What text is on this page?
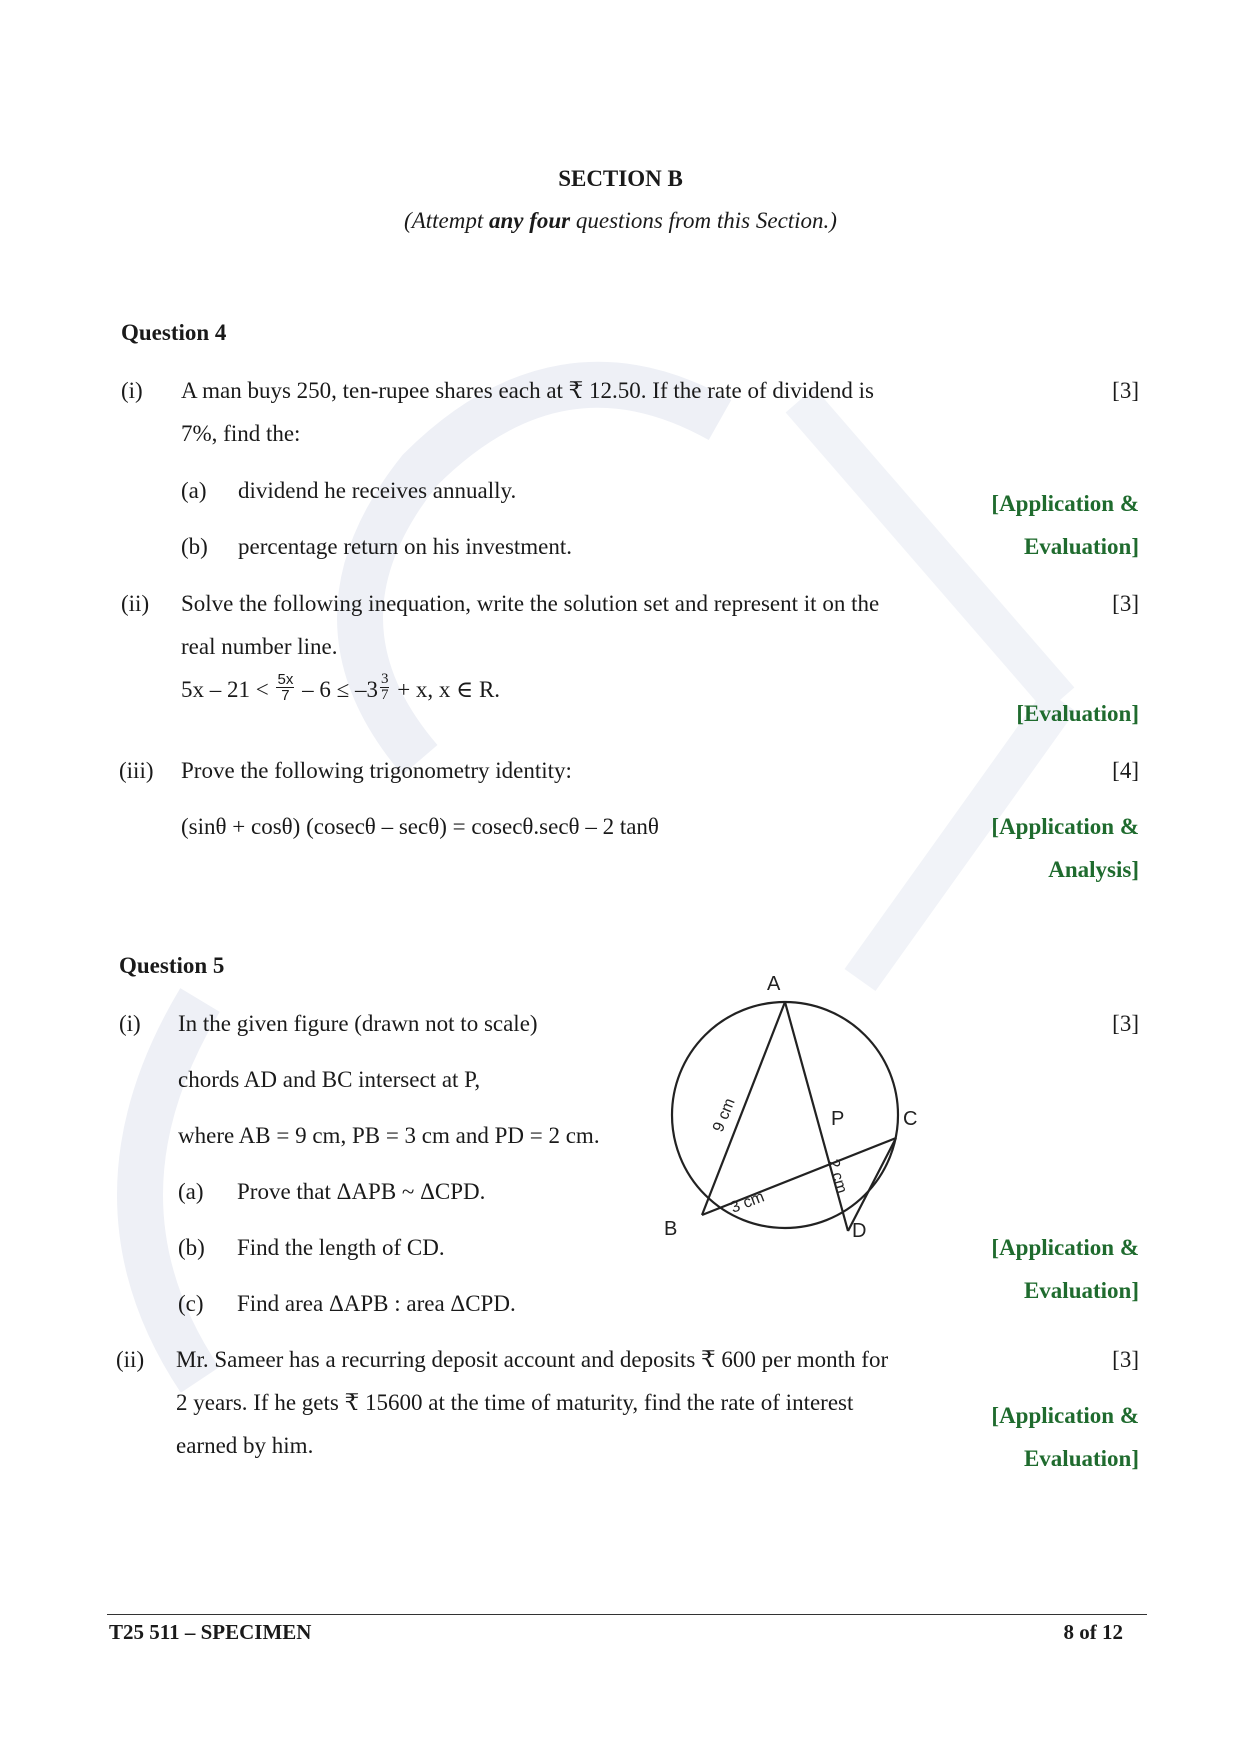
SECTION B
(Attempt any four questions from this Section.)
Question 4
(i) A man buys 250, ten-rupee shares each at ₹ 12.50. If the rate of dividend is	[3]
7%, find the:
(a) dividend he receives annually.
[Application &
(b) percentage return on his investment.	Evaluation]
(ii) Solve the following inequation, write the solution set and represent it on the	[3]
real number line.
$5x - 21 < \frac{5x}{7} - 6 \le -3 \frac{3}{7} + x$, x ∈ R.
[Evaluation]
(iii) Prove the following trigonometry identity:	[4]
(sinθ + cosθ) (cosecθ – secθ) = cosecθ.secθ – 2 tanθ	[Application &
Analysis]
Question 5
(i) In the given figure (drawn not to scale)	[3]
chords AD and BC intersect at P,
where AB = 9 cm, PB = 3 cm and PD = 2 cm.
(a) Prove that ΔAPB ~ ΔCPD.
(b) Find the length of CD.	[Application &
(c) Find area ΔAPB : area ΔCPD.
Evaluation]
A
B
C
D
P
9 cm
3 cm
2 cm
(ii) Mr. Sameer has a recurring deposit account and deposits ₹ 600 per month for	[3]
2 years. If he gets ₹ 15600 at the time of maturity, find the rate of interest
[Application &
earned by him.
Evaluation]
T25 511 – SPECIMEN	8 of 12
